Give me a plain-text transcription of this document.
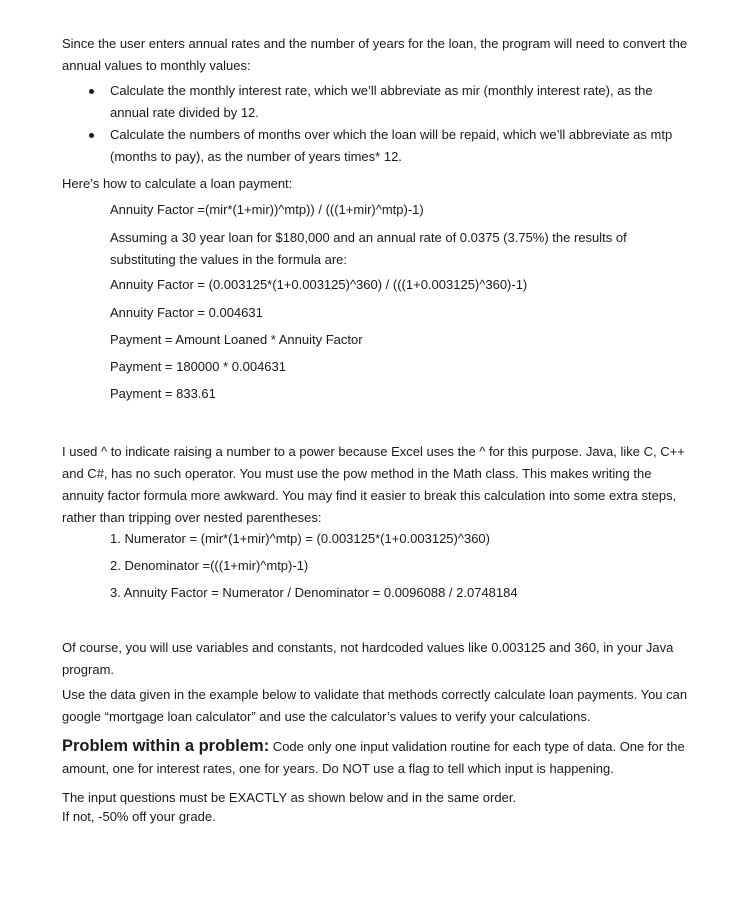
Since the user enters annual rates and the number of years for the loan, the program will need to convert the annual values to monthly values:

Calculate the monthly interest rate, which we’ll abbreviate as mir (monthly interest rate), as the annual rate divided by 12.
Calculate the numbers of months over which the loan will be repaid, which we’ll abbreviate as mtp (months to pay), as the number of years times* 12.

Here’s how to calculate a loan payment:

Annuity Factor =(mir*(1+mir))^mtp)) / (((1+mir)^mtp)-1)

Assuming a 30 year loan for $180,000 and an annual rate of 0.0375 (3.75%) the results of substituting the values in the formula are:

Annuity Factor = (0.003125*(1+0.003125)^360) / (((1+0.003125)^360)-1)

Annuity Factor = 0.004631

Payment = Amount Loaned * Annuity Factor

Payment = 180000 * 0.004631

Payment = 833.61

I used ^ to indicate raising a number to a power because Excel uses the ^ for this purpose. Java, like C, C++ and C#, has no such operator. You must use the pow method in the Math class. This makes writing the annuity factor formula more awkward. You may find it easier to break this calculation into some extra steps, rather than tripping over nested parentheses:

1. Numerator = (mir*(1+mir)^mtp) = (0.003125*(1+0.003125)^360)

2. Denominator =(((1+mir)^mtp)-1)

3. Annuity Factor = Numerator / Denominator = 0.0096088 / 2.0748184

Of course, you will use variables and constants, not hardcoded values like 0.003125 and 360, in your Java program.

Use the data given in the example below to validate that methods correctly calculate loan payments. You can google “mortgage loan calculator” and use the calculator’s values to verify your calculations.

Problem within a problem: Code only one input validation routine for each type of data. One for the amount, one for interest rates, one for years. Do NOT use a flag to tell which input is happening.

The input questions must be EXACTLY as shown below and in the same order.

If not, -50% off your grade.
